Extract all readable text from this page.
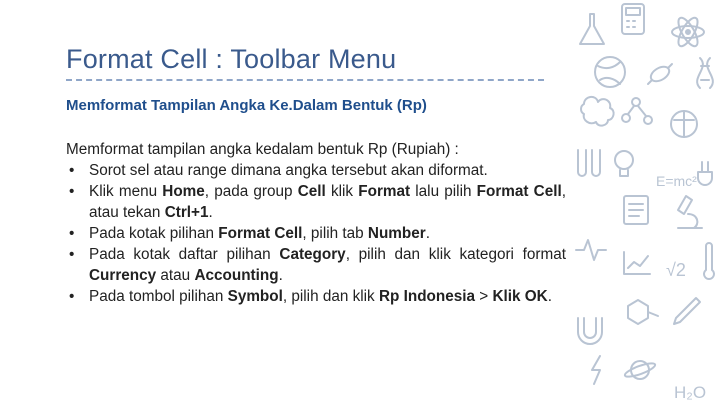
Format Cell : Toolbar Menu
Memformat Tampilan Angka Ke.Dalam Bentuk (Rp)

Memformat tampilan angka kedalam bentuk Rp (Rupiah) :

• Sorot sel atau range dimana angka tersebut akan diformat.
• Klik menu Home, pada group Cell klik Format lalu pilih Format Cell, atau tekan Ctrl+1.
• Pada kotak pilihan Format Cell, pilih tab Number.
• Pada kotak daftar pilihan Category, pilih dan klik kategori format Currency atau Accounting.
• Pada tombol pilihan Symbol, pilih dan klik Rp Indonesia > Klik OK.
E=mc²
√2
H₂O
